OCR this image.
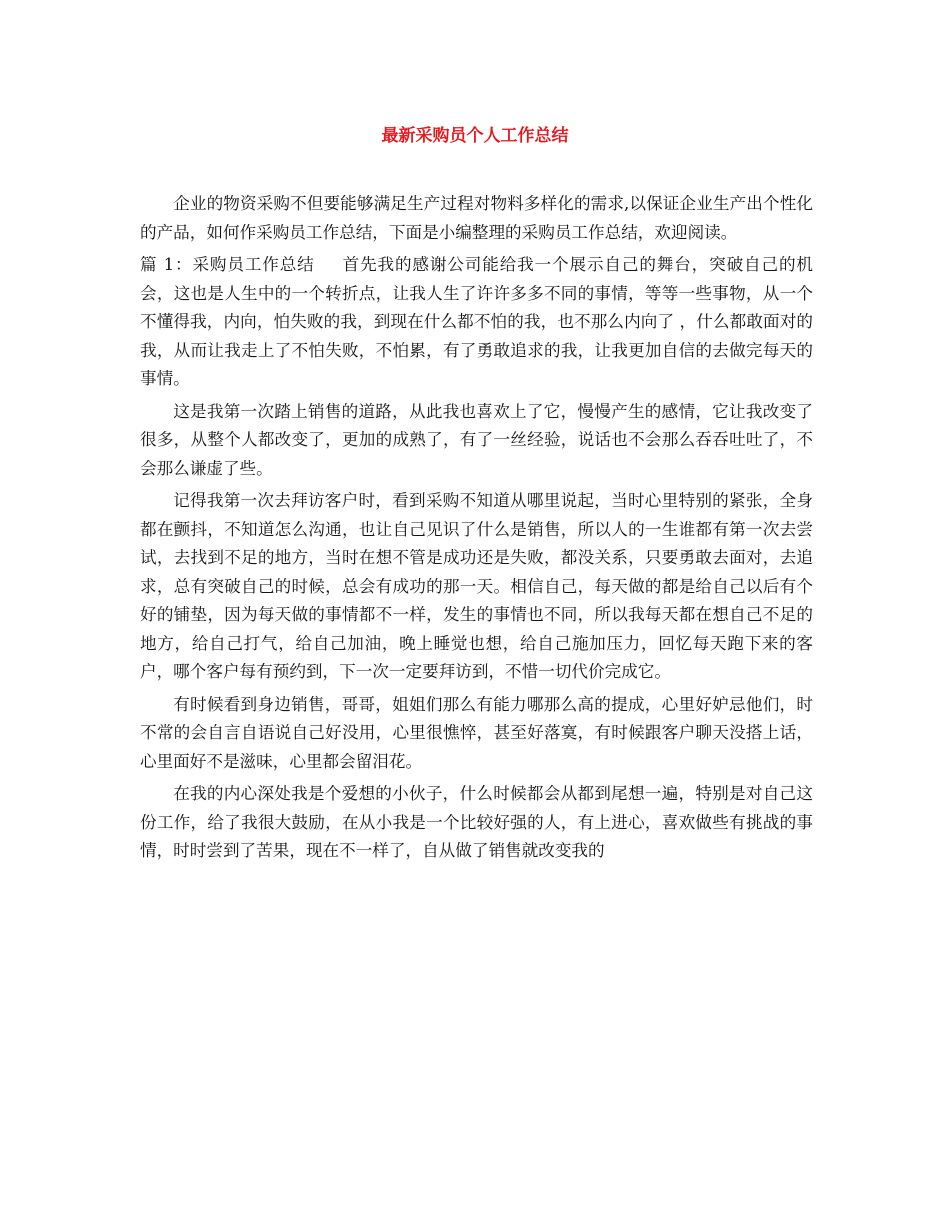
最新采购员个人工作总结

企业的物资采购不但要能够满足生产过程对物料多样化的需求,以保证企业生产出个性化的产品，如何作采购员工作总结，下面是小编整理的采购员工作总结，欢迎阅读。

篇 1：采购员工作总结 首先我的感谢公司能给我一个展示自己的舞台，突破自己的机会，这也是人生中的一个转折点，让我人生了许许多多不同的事情，等等一些事物，从一个不懂得我，内向，怕失败的我，到现在什么都不怕的我，也不那么内向了 ，什么都敢面对的我，从而让我走上了不怕失败，不怕累，有了勇敢追求的我，让我更加自信的去做完每天的事情。

这是我第一次踏上销售的道路，从此我也喜欢上了它，慢慢产生的感情，它让我改变了很多，从整个人都改变了，更加的成熟了，有了一丝经验，说话也不会那么吞吞吐吐了，不会那么谦虚了些。

记得我第一次去拜访客户时，看到采购不知道从哪里说起，当时心里特别的紧张，全身都在颤抖，不知道怎么沟通，也让自己见识了什么是销售，所以人的一生谁都有第一次去尝试，去找到不足的地方，当时在想不管是成功还是失败，都没关系，只要勇敢去面对，去追求，总有突破自己的时候，总会有成功的那一天。相信自己，每天做的都是给自己以后有个好的铺垫，因为每天做的事情都不一样，发生的事情也不同，所以我每天都在想自己不足的地方，给自己打气，给自己加油，晚上睡觉也想，给自己施加压力，回忆每天跑下来的客户，哪个客户每有预约到，下一次一定要拜访到，不惜一切代价完成它。

有时候看到身边销售，哥哥，姐姐们那么有能力哪那么高的提成，心里好妒忌他们，时不常的会自言自语说自己好没用，心里很憔悴，甚至好落寞，有时候跟客户聊天没搭上话，心里面好不是滋味，心里都会留泪花。

在我的内心深处我是个爱想的小伙子，什么时候都会从都到尾想一遍，特别是对自己这份工作，给了我很大鼓励，在从小我是一个比较好强的人，有上进心，喜欢做些有挑战的事情，时时尝到了苦果，现在不一样了，自从做了销售就改变我的
